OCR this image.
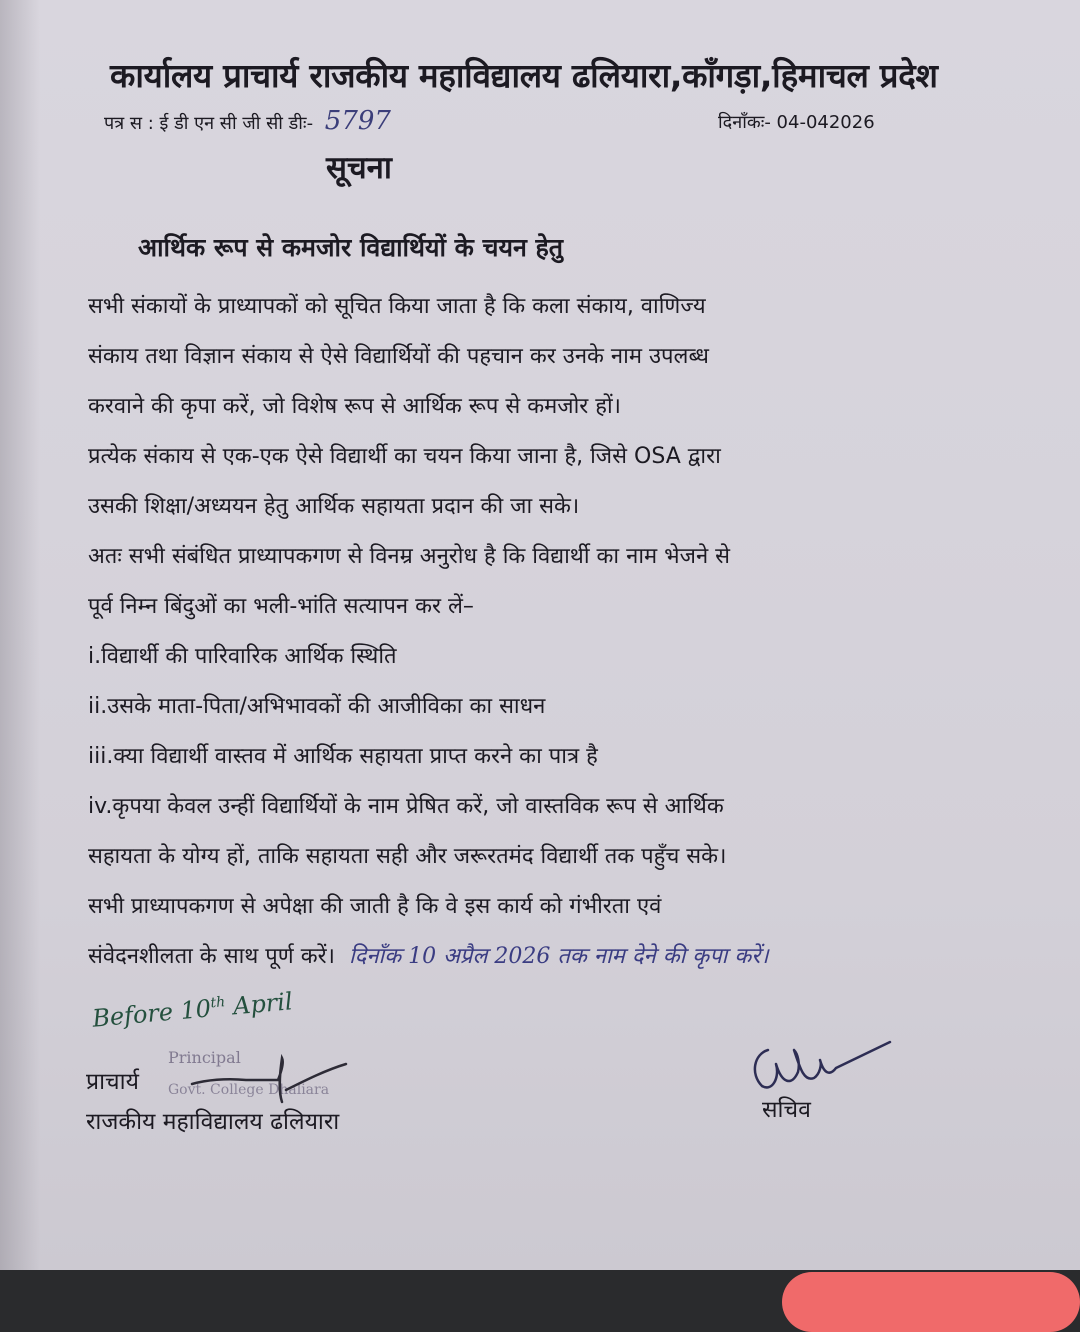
कार्यालय प्राचार्य राजकीय महाविद्यालय ढलियारा,काँगड़ा,हिमाचल प्रदेश
पत्र स : ई डी एन सी जी सी डीः- 5797	दिनाँकः- 04-042026
सूचना
आर्थिक रूप से कमजोर विद्यार्थियों के चयन हेतु
सभी संकायों के प्राध्यापकों को सूचित किया जाता है कि कला संकाय, वाणिज्य
संकाय तथा विज्ञान संकाय से ऐसे विद्यार्थियों की पहचान कर उनके नाम उपलब्ध
करवाने की कृपा करें, जो विशेष रूप से आर्थिक रूप से कमजोर हों।
प्रत्येक संकाय से एक-एक ऐसे विद्यार्थी का चयन किया जाना है, जिसे OSA द्वारा
उसकी शिक्षा/अध्ययन हेतु आर्थिक सहायता प्रदान की जा सके।
अतः सभी संबंधित प्राध्यापकगण से विनम्र अनुरोध है कि विद्यार्थी का नाम भेजने से
पूर्व निम्न बिंदुओं का भली-भांति सत्यापन कर लें–
i.विद्यार्थी की पारिवारिक आर्थिक स्थिति
ii.उसके माता-पिता/अभिभावकों की आजीविका का साधन
iii.क्या विद्यार्थी वास्तव में आर्थिक सहायता प्राप्त करने का पात्र है
iv.कृपया केवल उन्हीं विद्यार्थियों के नाम प्रेषित करें, जो वास्तविक रूप से आर्थिक
सहायता के योग्य हों, ताकि सहायता सही और जरूरतमंद विद्यार्थी तक पहुँच सके।
सभी प्राध्यापकगण से अपेक्षा की जाती है कि वे इस कार्य को गंभीरता एवं
संवेदनशीलता के साथ पूर्ण करें। दिनाँक 10 अप्रैल 2026 तक नाम देने की कृपा करें।
Before 10th April
Principal
Govt. College Dhaliara
प्राचार्य
राजकीय महाविद्यालय ढलियारा	सचिव
